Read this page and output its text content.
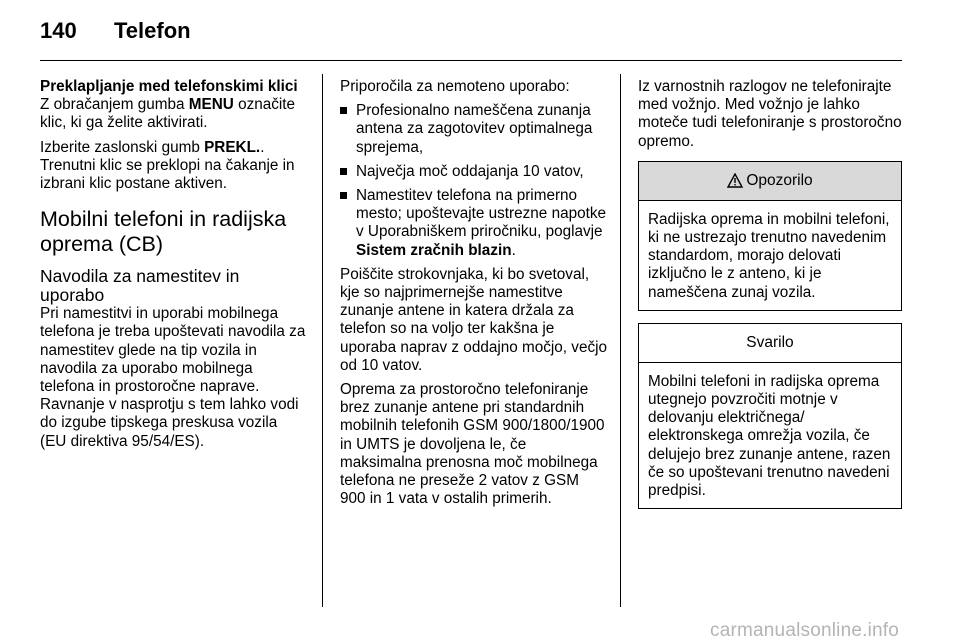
140 Telefon

Preklapljanje med telefonskimi klici

Z obračanjem gumba MENU označite klic, ki ga želite aktivirati.

Izberite zaslonski gumb PREKL.. Trenutni klic se preklopi na čakanje in izbrani klic postane aktiven.

Mobilni telefoni in radijska oprema (CB)
Navodila za namestitev in uporabo

Pri namestitvi in uporabi mobilnega telefona je treba upoštevati navodila za namestitev glede na tip vozila in navodila za uporabo mobilnega telefona in prostoročne naprave. Ravnanje v nasprotju s tem lahko vodi do izgube tipskega preskusa vozila (EU direktiva 95/54/ES).

Priporočila za nemoteno uporabo:

Profesionalno nameščena zunanja antena za zagotovitev optimalnega sprejema,
Največja moč oddajanja 10 vatov,
Namestitev telefona na primerno mesto; upoštevajte ustrezne napotke v Uporabniškem priročniku, poglavje Sistem zračnih blazin.

Poiščite strokovnjaka, ki bo svetoval, kje so najprimernejše namestitve zunanje antene in katera držala za telefon so na voljo ter kakšna je uporaba naprav z oddajno močjo, večjo od 10 vatov.

Oprema za prostoročno telefoniranje brez zunanje antene pri standardnih mobilnih telefonih GSM 900/1800/1900 in UMTS je dovoljena le, če maksimalna prenosna moč mobilnega telefona ne preseže 2 vatov z GSM 900 in 1 vata v ostalih primerih.

Iz varnostnih razlogov ne telefonirajte med vožnjo. Med vožnjo je lahko moteče tudi telefoniranje s prostoročno opremo.

Opozorilo
Radijska oprema in mobilni telefoni, ki ne ustrezajo trenutno navedenim standardom, morajo delovati izključno le z anteno, ki je nameščena zunaj vozila.
Svarilo
Mobilni telefoni in radijska oprema utegnejo povzročiti motnje v delovanju električnega/ elektronskega omrežja vozila, če delujejo brez zunanje antene, razen če so upoštevani trenutno navedeni predpisi.
carmanualsonline.info
